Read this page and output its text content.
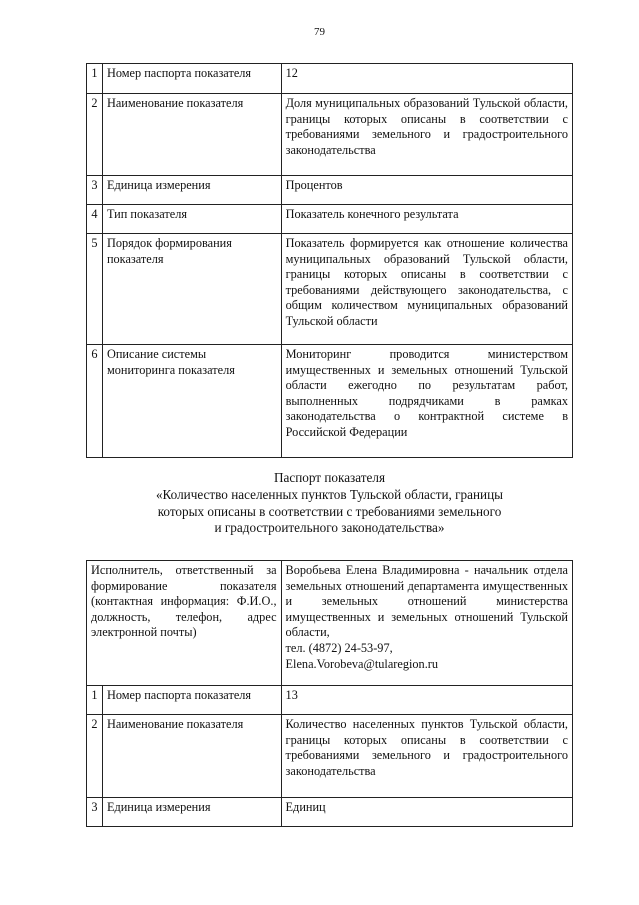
79
1	Номер паспорта показателя	12
2	Наименование показателя	Доля муниципальных образований Тульской области, границы которых описаны в соответствии с требованиями земельного и градостроительного законодательства
3	Единица измерения	Процентов
4	Тип показателя	Показатель конечного результата
5	Порядок формирования показателя	Показатель формируется как отношение количества муниципальных образований Тульской области, границы которых описаны в соответствии с требованиями действующего законодательства, с общим количеством муниципальных образований Тульской области
6	Описание системы мониторинга показателя	Мониторинг проводится министерством имущественных и земельных отношений Тульской области ежегодно по результатам работ, выполненных подрядчиками в рамках законодательства о контрактной системе в Российской Федерации
Паспорт показателя
«Количество населенных пунктов Тульской области, границы
которых описаны в соответствии с требованиями земельного
и градостроительного законодательства»
Исполнитель, ответственный за формирование показателя (контактная информация: Ф.И.О., должность, телефон, адрес электронной почты)		Воробьева Елена Владимировна - начальник отдела земельных отношений департамента имущественных и земельных отношений министерства имущественных и земельных отношений Тульской области,
тел. (4872) 24-53-97,
Elena.Vorobeva@tularegion.ru

1	Номер паспорта показателя	13
2	Наименование показателя	Количество населенных пунктов Тульской области, границы которых описаны в соответствии с требованиями земельного и градостроительного законодательства
3	Единица измерения	Единиц
